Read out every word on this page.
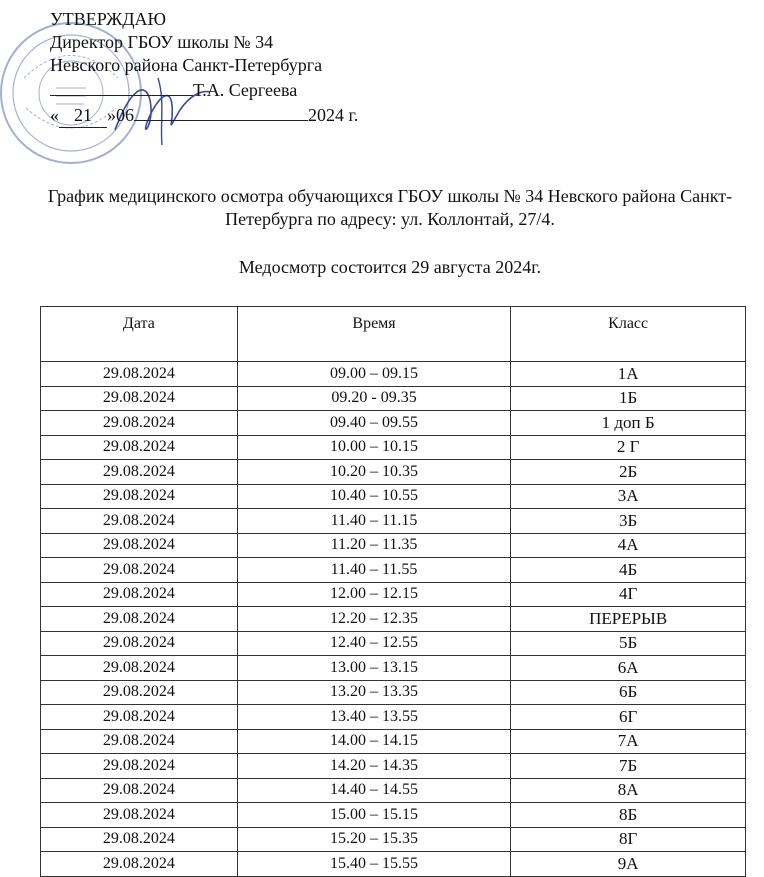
УТВЕРЖДАЮ
Директор ГБОУ школы № 34
Невского района Санкт-Петербурга
Т.А. Сергеева
« 21 »06	2024 г.
График медицинского осмотра обучающихся ГБОУ школы № 34 Невского района Санкт-Петербурга по адресу: ул. Коллонтай, 27/4.
Медосмотр состоится 29 августа 2024г.
Дата	Время	Класс
29.08.2024	09.00 – 09.15	1А
29.08.2024	09.20 - 09.35	1Б
29.08.2024	09.40 – 09.55	1 доп Б
29.08.2024	10.00 – 10.15	2 Г
29.08.2024	10.20 – 10.35	2Б
29.08.2024	10.40 – 10.55	3А
29.08.2024	11.40 – 11.15	3Б
29.08.2024	11.20 – 11.35	4А
29.08.2024	11.40 – 11.55	4Б
29.08.2024	12.00 – 12.15	4Г
29.08.2024	12.20 – 12.35	ПЕРЕРЫВ
29.08.2024	12.40 – 12.55	5Б
29.08.2024	13.00 – 13.15	6А
29.08.2024	13.20 – 13.35	6Б
29.08.2024	13.40 – 13.55	6Г
29.08.2024	14.00 – 14.15	7А
29.08.2024	14.20 – 14.35	7Б
29.08.2024	14.40 – 14.55	8А
29.08.2024	15.00 – 15.15	8Б
29.08.2024	15.20 – 15.35	8Г
29.08.2024	15.40 – 15.55	9А
